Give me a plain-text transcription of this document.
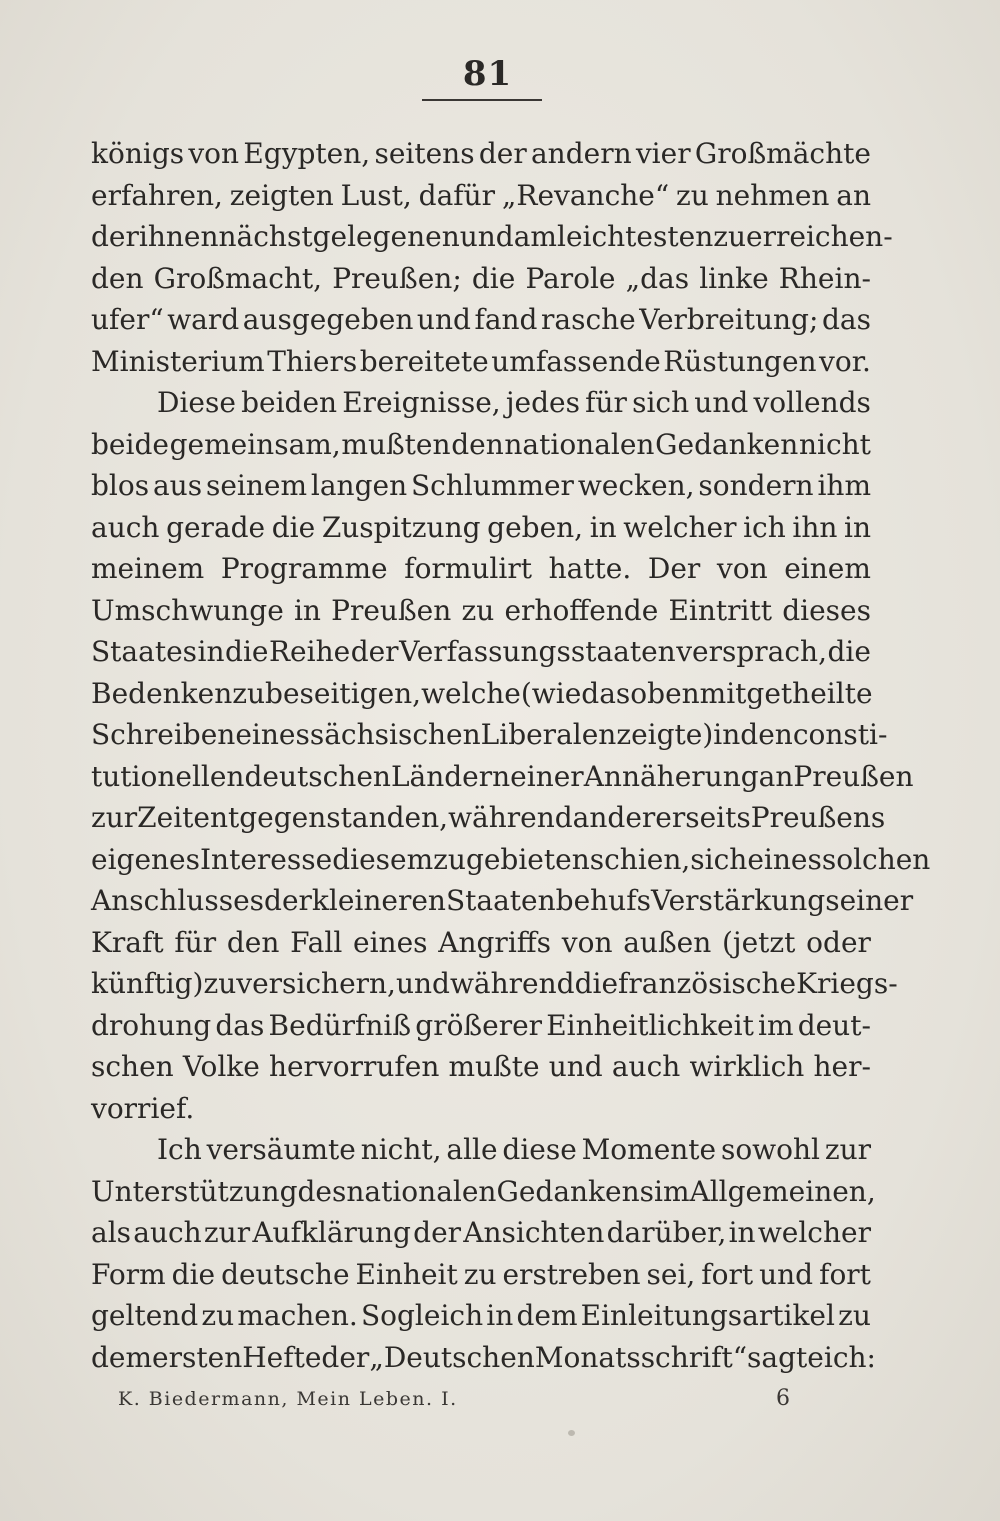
81
königs von Egypten, seitens der andern vier Großmächte
erfahren, zeigten Lust, dafür „Revanche“ zu nehmen an
der ihnen nächstgelegenen und am leichtesten zu erreichen-
den Großmacht, Preußen; die Parole „das linke Rhein-
ufer“ ward ausgegeben und fand rasche Verbreitung; das
Ministerium Thiers bereitete umfassende Rüstungen vor.
Diese beiden Ereignisse, jedes für sich und vollends
beide gemeinsam, mußten den nationalen Gedanken nicht
blos aus seinem langen Schlummer wecken, sondern ihm
auch gerade die Zuspitzung geben, in welcher ich ihn in
meinem Programme formulirt hatte. Der von einem
Umschwunge in Preußen zu erhoffende Eintritt dieses
Staates in die Reihe der Verfassungsstaaten versprach, die
Bedenken zu beseitigen, welche (wie das oben mitgetheilte
Schreiben eines sächsischen Liberalen zeigte) in den consti-
tutionellen deutschen Ländern einer Annäherung an Preußen
zur Zeit entgegenstanden, während andererseits Preußens
eigenes Interesse diesem zu gebieten schien, sich eines solchen
Anschlusses der kleineren Staaten behufs Verstärkung seiner
Kraft für den Fall eines Angriffs von außen (jetzt oder
künftig) zu versichern, und während die französische Kriegs-
drohung das Bedürfniß größerer Einheitlichkeit im deut-
schen Volke hervorrufen mußte und auch wirklich her-
vorrief.
Ich versäumte nicht, alle diese Momente sowohl zur
Unterstützung des nationalen Gedankens im Allgemeinen,
als auch zur Aufklärung der Ansichten darüber, in welcher
Form die deutsche Einheit zu erstreben sei, fort und fort
geltend zu machen. Sogleich in dem Einleitungsartikel zu
dem ersten Hefte der „Deutschen Monatsschrift“ sagte ich:
K. Biedermann, Mein Leben. I.	6
